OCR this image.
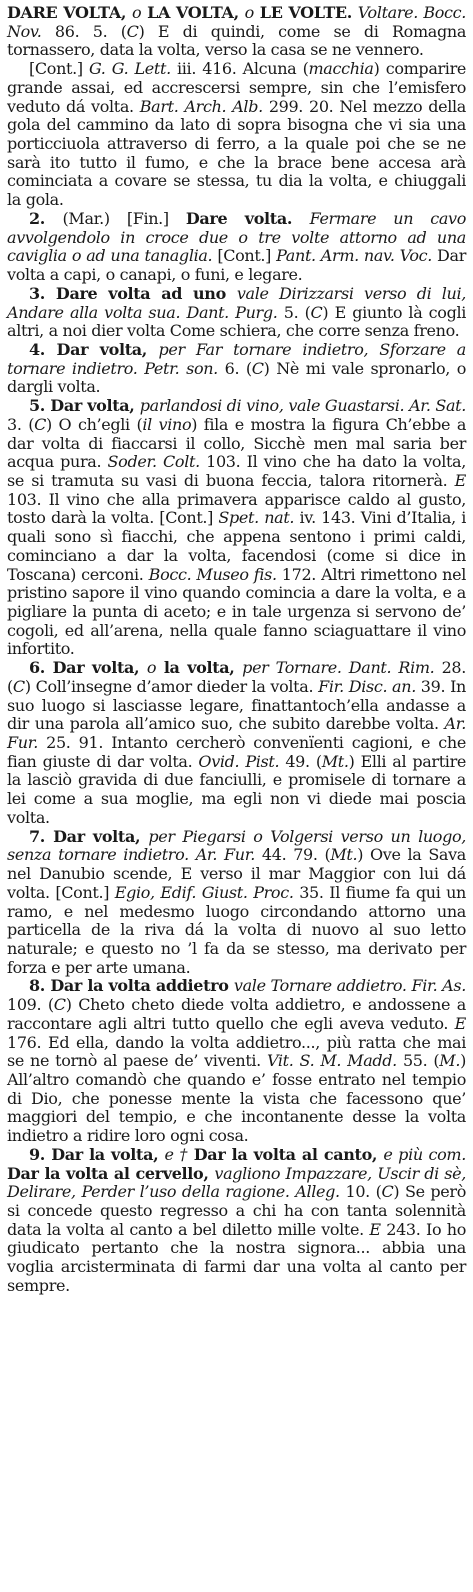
DARE VOLTA, o LA VOLTA, o LE VOLTE. Voltare. Bocc. Nov. 86. 5. (C) E di quindi, come se di Romagna tornassero, data la volta, verso la casa se ne vennero.

[Cont.] G. G. Lett. iii. 416. Alcuna (macchia) comparire grande assai, ed accrescersi sempre, sin che l’emisfero veduto dá volta. Bart. Arch. Alb. 299. 20. Nel mezzo della gola del cammino da lato di sopra bisogna che vi sia una porticciuola attraverso di ferro, a la quale poi che se ne sarà ito tutto il fumo, e che la brace bene accesa arà cominciata a covare se stessa, tu dia la volta, e chiuggali la gola.

2. (Mar.) [Fin.] Dare volta. Fermare un cavo avvolgendolo in croce due o tre volte attorno ad una caviglia o ad una tanaglia. [Cont.] Pant. Arm. nav. Voc. Dar volta a capi, o canapi, o funi, e legare.

3. Dare volta ad uno vale Dirizzarsi verso di lui, Andare alla volta sua. Dant. Purg. 5. (C) E giunto là cogli altri, a noi dier volta Come schiera, che corre senza freno.

4. Dar volta, per Far tornare indietro, Sforzare a tornare indietro. Petr. son. 6. (C) Nè mi vale spronarlo, o dargli volta.

5. Dar volta, parlandosi di vino, vale Guastarsi. Ar. Sat. 3. (C) O ch’egli (il vino) fila e mostra la figura Ch’ebbe a dar volta di fiaccarsi il collo, Sicchè men mal saria ber acqua pura. Soder. Colt. 103. Il vino che ha dato la volta, se si tramuta su vasi di buona feccia, talora ritornerà. E 103. Il vino che alla primavera apparisce caldo al gusto, tosto darà la volta. [Cont.] Spet. nat. iv. 143. Vini d’Italia, i quali sono sì fiacchi, che appena sentono i primi caldi, cominciano a dar la volta, facendosi (come si dice in Toscana) cerconi. Bocc. Museo fis. 172. Altri rimettono nel pristino sapore il vino quando comincia a dare la volta, e a pigliare la punta di aceto; e in tale urgenza si servono de’ cogoli, ed all’arena, nella quale fanno sciaguattare il vino infortito.

6. Dar volta, o la volta, per Tornare. Dant. Rim. 28. (C) Coll’insegne d’amor dieder la volta. Fir. Disc. an. 39. In suo luogo si lasciasse legare, finattantoch’ella andasse a dir una parola all’amico suo, che subito darebbe volta. Ar. Fur. 25. 91. Intanto cercherò convenïenti cagioni, e che fian giuste di dar volta. Ovid. Pist. 49. (Mt.) Elli al partire la lasciò gravida di due fanciulli, e promisele di tornare a lei come a sua moglie, ma egli non vi diede mai poscia volta.

7. Dar volta, per Piegarsi o Volgersi verso un luogo, senza tornare indietro. Ar. Fur. 44. 79. (Mt.) Ove la Sava nel Danubio scende, E verso il mar Maggior con lui dá volta. [Cont.] Egio, Edif. Giust. Proc. 35. Il fiume fa qui un ramo, e nel medesmo luogo circondando attorno una particella de la riva dá la volta di nuovo al suo letto naturale; e questo no ’l fa da se stesso, ma derivato per forza e per arte umana.

8. Dar la volta addietro vale Tornare addietro. Fir. As. 109. (C) Cheto cheto diede volta addietro, e andossene a raccontare agli altri tutto quello che egli aveva veduto. E 176. Ed ella, dando la volta addietro..., più ratta che mai se ne tornò al paese de’ viventi. Vit. S. M. Madd. 55. (M.) All’altro comandò che quando e’ fosse entrato nel tempio di Dio, che ponesse mente la vista che facessono que’ maggiori del tempio, e che incontanente desse la volta indietro a ridire loro ogni cosa.

9. Dar la volta, e † Dar la volta al canto, e più com. Dar la volta al cervello, vagliono Impazzare, Uscir di sè, Delirare, Perder l’uso della ragione. Alleg. 10. (C) Se però si concede questo regresso a chi ha con tanta solennità data la volta al canto a bel diletto mille volte. E 243. Io ho giudicato pertanto che la nostra signora... abbia una voglia arcisterminata di farmi dar una volta al canto per sempre.
